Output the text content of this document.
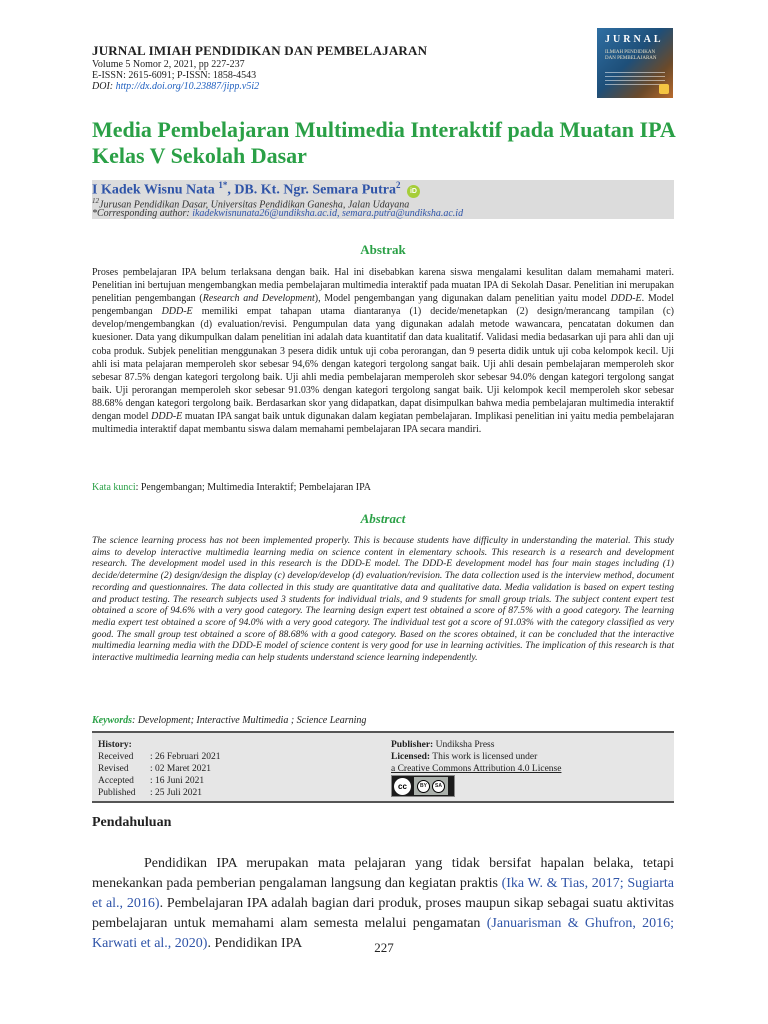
JURNAL IMIAH PENDIDIKAN DAN PEMBELAJARAN
Volume 5 Nomor 2, 2021, pp 227-237
E-ISSN: 2615-6091; P-ISSN: 1858-4543
DOI: http://dx.doi.org/10.23887/jipp.v5i2
JURNAL
ILMIAH PENDIDIKAN DAN PEMBELAJARAN
Media Pembelajaran Multimedia Interaktif pada Muatan IPA Kelas V Sekolah Dasar
I Kadek Wisnu Nata $^{1*}$, DB. Kt. Ngr. Semara Putra$^2$ iD
$^{12}$Jurusan Pendidikan Dasar, Universitas Pendidikan Ganesha, Jalan Udayana
*Corresponding author: ikadekwisnunata26@undiksha.ac.id, semara.putra@undiksha.ac.id
Abstrak
Proses pembelajaran IPA belum terlaksana dengan baik. Hal ini disebabkan karena siswa mengalami kesulitan dalam memahami materi. Penelitian ini bertujuan mengembangkan media pembelajaran multimedia interaktif pada muatan IPA di Sekolah Dasar. Penelitian ini merupakan penelitian pengembangan (Research and Development), Model pengembangan yang digunakan dalam penelitian yaitu model DDD-E. Model pengembangan DDD-E memiliki empat tahapan utama diantaranya (1) decide/menetapkan (2) design/merancang tampilan (c) develop/mengembangkan (d) evaluation/revisi. Pengumpulan data yang digunakan adalah metode wawancara, pencatatan dokumen dan kuesioner. Data yang dikumpulkan dalam penelitian ini adalah data kuantitatif dan data kualitatif. Validasi media bedasarkan uji para ahli dan uji coba produk. Subjek penelitian menggunakan 3 pesera didik untuk uji coba perorangan, dan 9 peserta didik untuk uji coba kelompok kecil. Uji ahli isi mata pelajaran memperoleh skor sebesar 94,6% dengan kategori tergolong sangat baik. Uji ahli desain pembelajaran memperoleh skor sebesar 87.5% dengan kategori tergolong baik. Uji ahli media pembelajaran memperoleh skor sebesar 94.0% dengan kategori tergolong sangat baik. Uji perorangan memperoleh skor sebesar 91.03% dengan kategori tergolong sangat baik. Uji kelompok kecil memperoleh skor sebesar 88.68% dengan kategori tergolong baik. Berdasarkan skor yang didapatkan, dapat disimpulkan bahwa media pembelajaran multimedia interaktif dengan model DDD-E muatan IPA sangat baik untuk digunakan dalam kegiatan pembelajaran. Implikasi penelitian ini yaitu media pembelajaran multimedia interaktif dapat membantu siswa dalam memahami pembelajaran IPA secara mandiri.
Kata kunci: Pengembangan; Multimedia Interaktif; Pembelajaran IPA
Abstract
The science learning process has not been implemented properly. This is because students have difficulty in understanding the material. This study aims to develop interactive multimedia learning media on science content in elementary schools. This research is a research and development research. The development model used in this research is the DDD-E model. The DDD-E development model has four main stages including (1) decide/determine (2) design/design the display (c) develop/develop (d) evaluation/revision. The data collection used is the interview method, document recording and questionnaires. The data collected in this study are quantitative data and qualitative data. Media validation is based on expert testing and product testing. The research subjects used 3 students for individual trials, and 9 students for small group trials. The subject content expert test obtained a score of 94.6% with a very good category. The learning design expert test obtained a score of 87.5% with a good category. The learning media expert test obtained a score of 94.0% with a very good category. The individual test got a score of 91.03% with the category classified as very good. The small group test obtained a score of 88.68% with a good category. Based on the scores obtained, it can be concluded that the interactive multimedia learning media with the DDD-E model of science content is very good for use in learning activities. The implication of this research is that interactive multimedia learning media can help students understand science learning independently.
Keywords: Development; Interactive Multimedia ; Science Learning
History:
Received : 26 Februari 2021
Revised : 02 Maret 2021
Accepted : 16 Juni 2021
Published : 25 Juli 2021
Publisher: Undiksha Press
Licensed: This work is licensed under
a Creative Commons Attribution 4.0 License
cc	BY	SA
Pendahuluan
Pendidikan IPA merupakan mata pelajaran yang tidak bersifat hapalan belaka, tetapi menekankan pada pemberian pengalaman langsung dan kegiatan praktis (Ika W. & Tias, 2017; Sugiarta et al., 2016). Pembelajaran IPA adalah bagian dari produk, proses maupun sikap sebagai suatu aktivitas pembelajaran untuk memahami alam semesta melalui pengamatan (Januarisman & Ghufron, 2016; Karwati et al., 2020). Pendidikan IPA	227
